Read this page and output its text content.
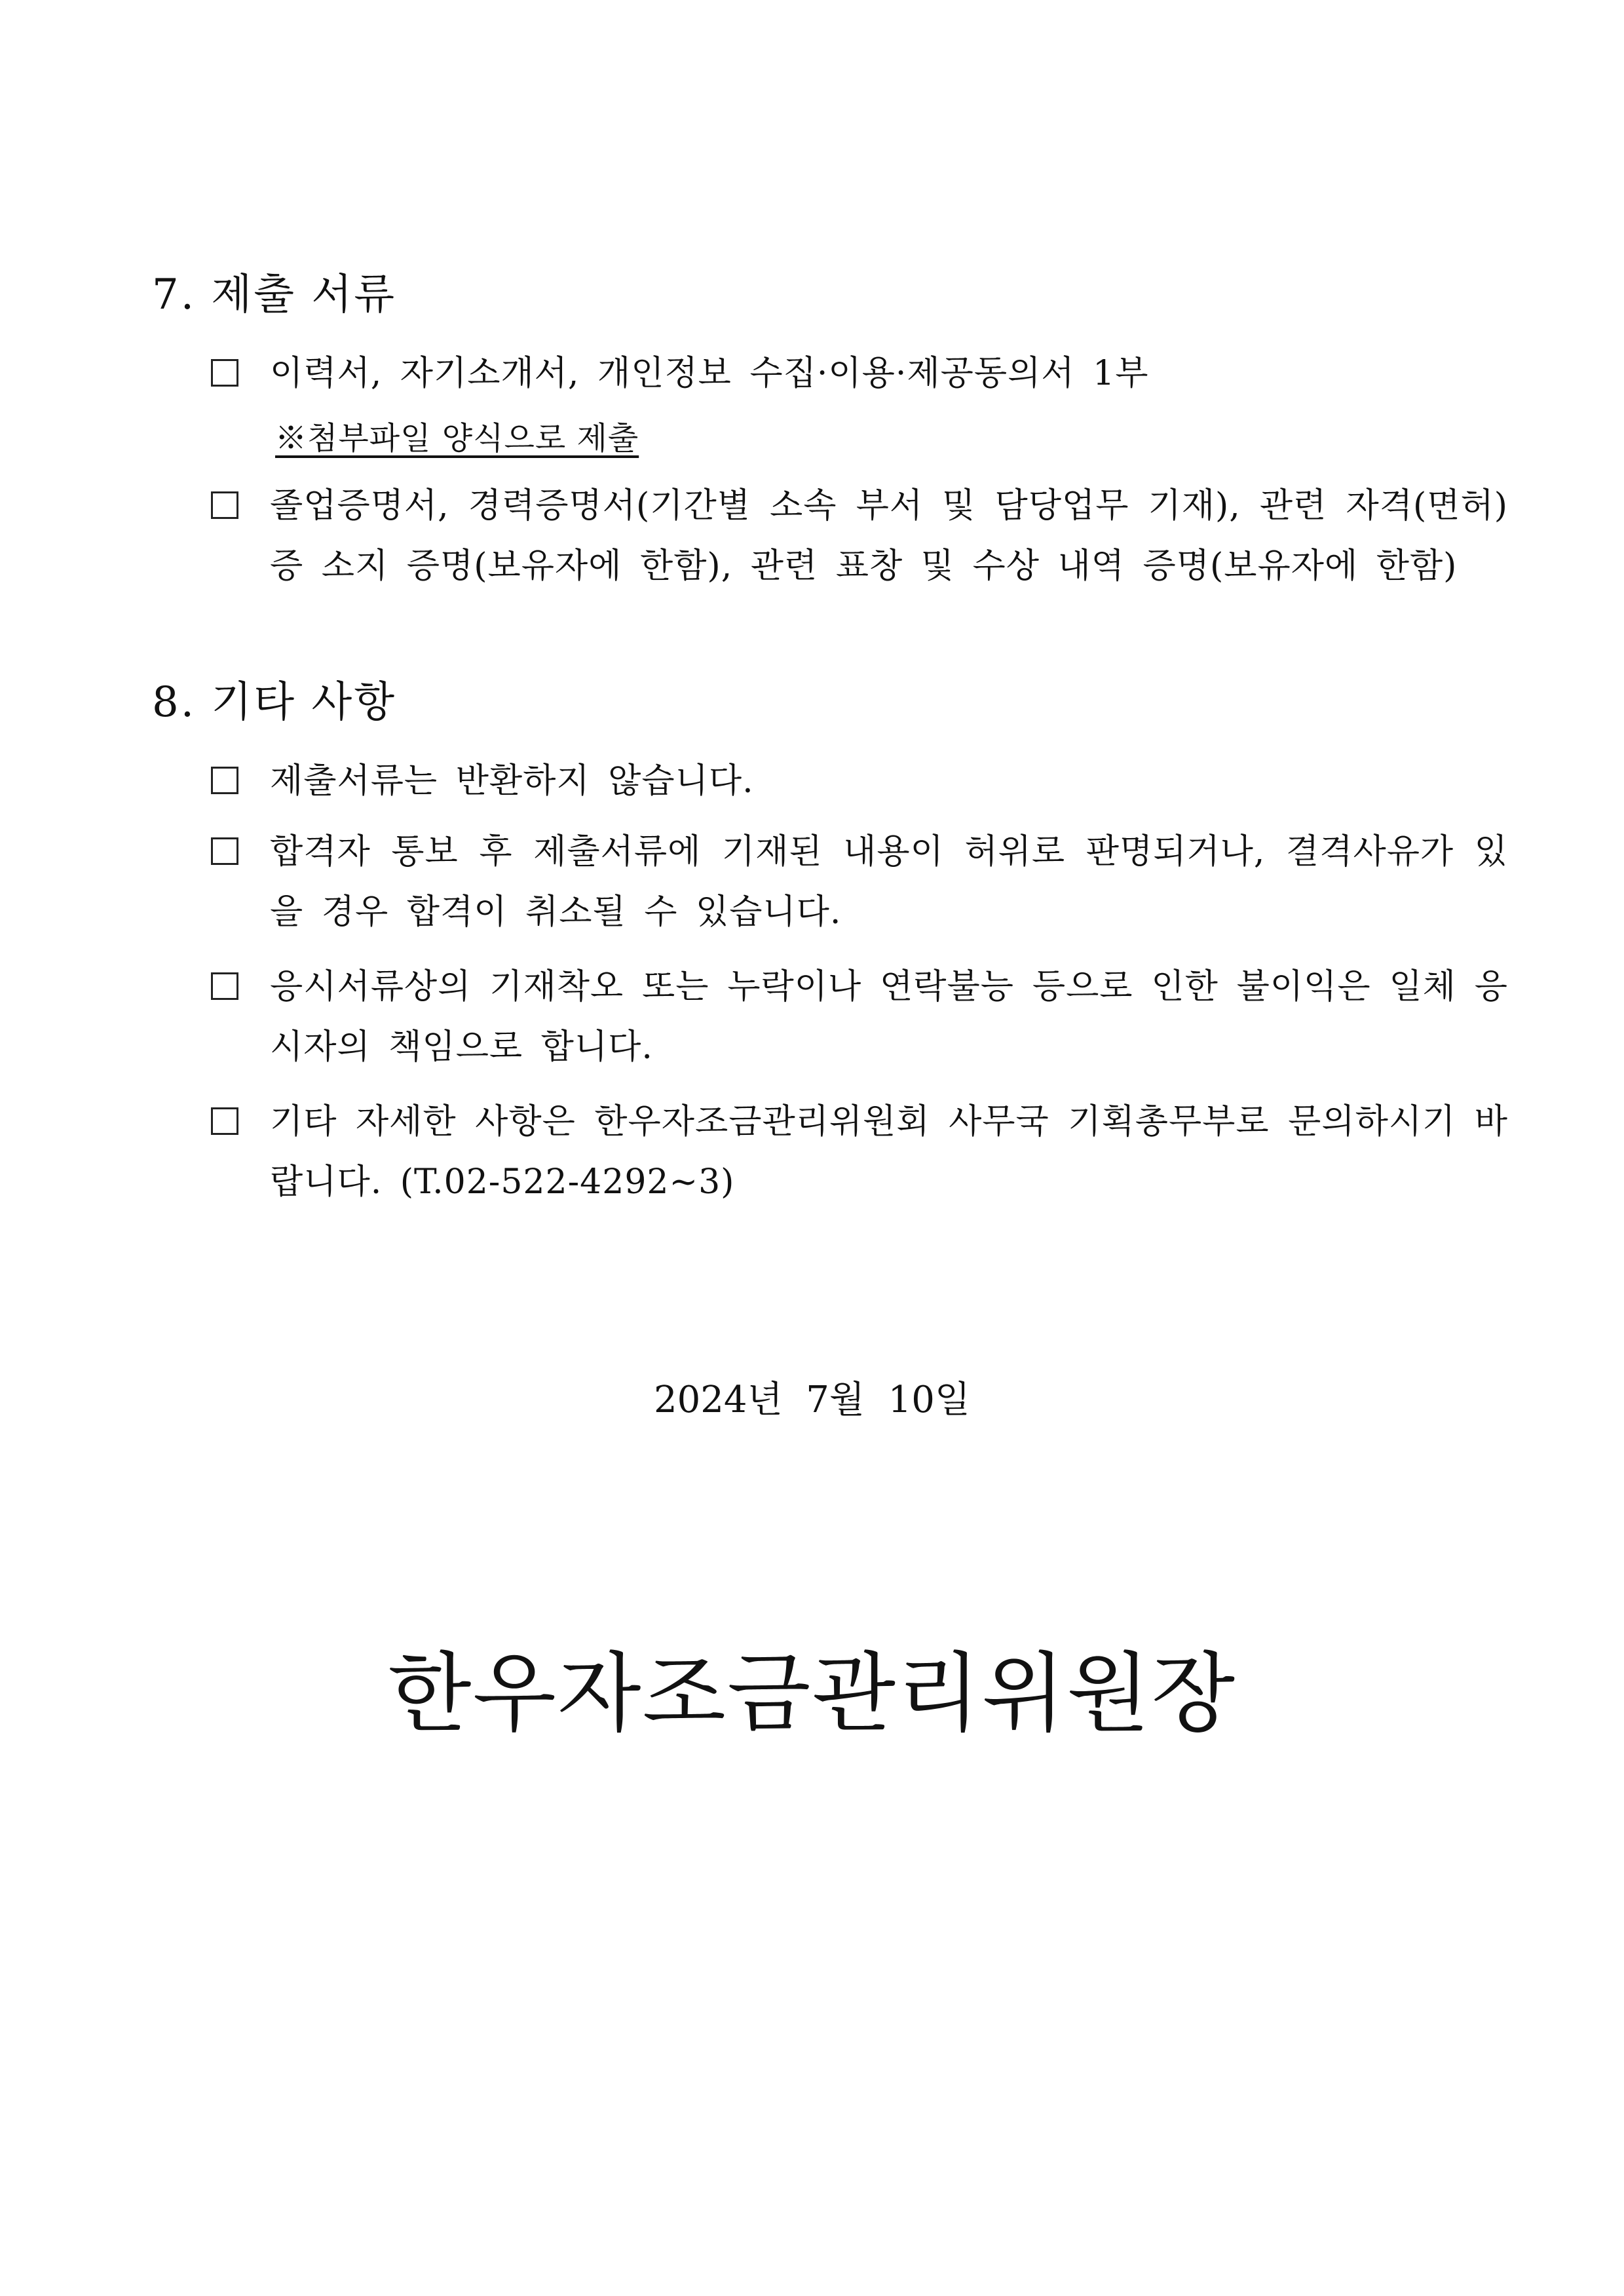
7. 제출 서류
이력서, 자기소개서, 개인정보 수집·이용·제공동의서 1부
※첨부파일 양식으로 제출
졸업증명서, 경력증명서(기간별 소속 부서 및 담당업무 기재), 관련 자격(면허)증 소지 증명(보유자에 한함), 관련 표창 및 수상 내역 증명(보유자에 한함)
8. 기타 사항
제출서류는 반환하지 않습니다.
합격자 통보 후 제출서류에 기재된 내용이 허위로 판명되거나, 결격사유가 있을 경우 합격이 취소될 수 있습니다.
응시서류상의 기재착오 또는 누락이나 연락불능 등으로 인한 불이익은 일체 응시자의 책임으로 합니다.
기타 자세한 사항은 한우자조금관리위원회 사무국 기획총무부로 문의하시기 바랍니다. (T.02-522-4292~3)
2024년  7월  10일
한우자조금관리위원장
